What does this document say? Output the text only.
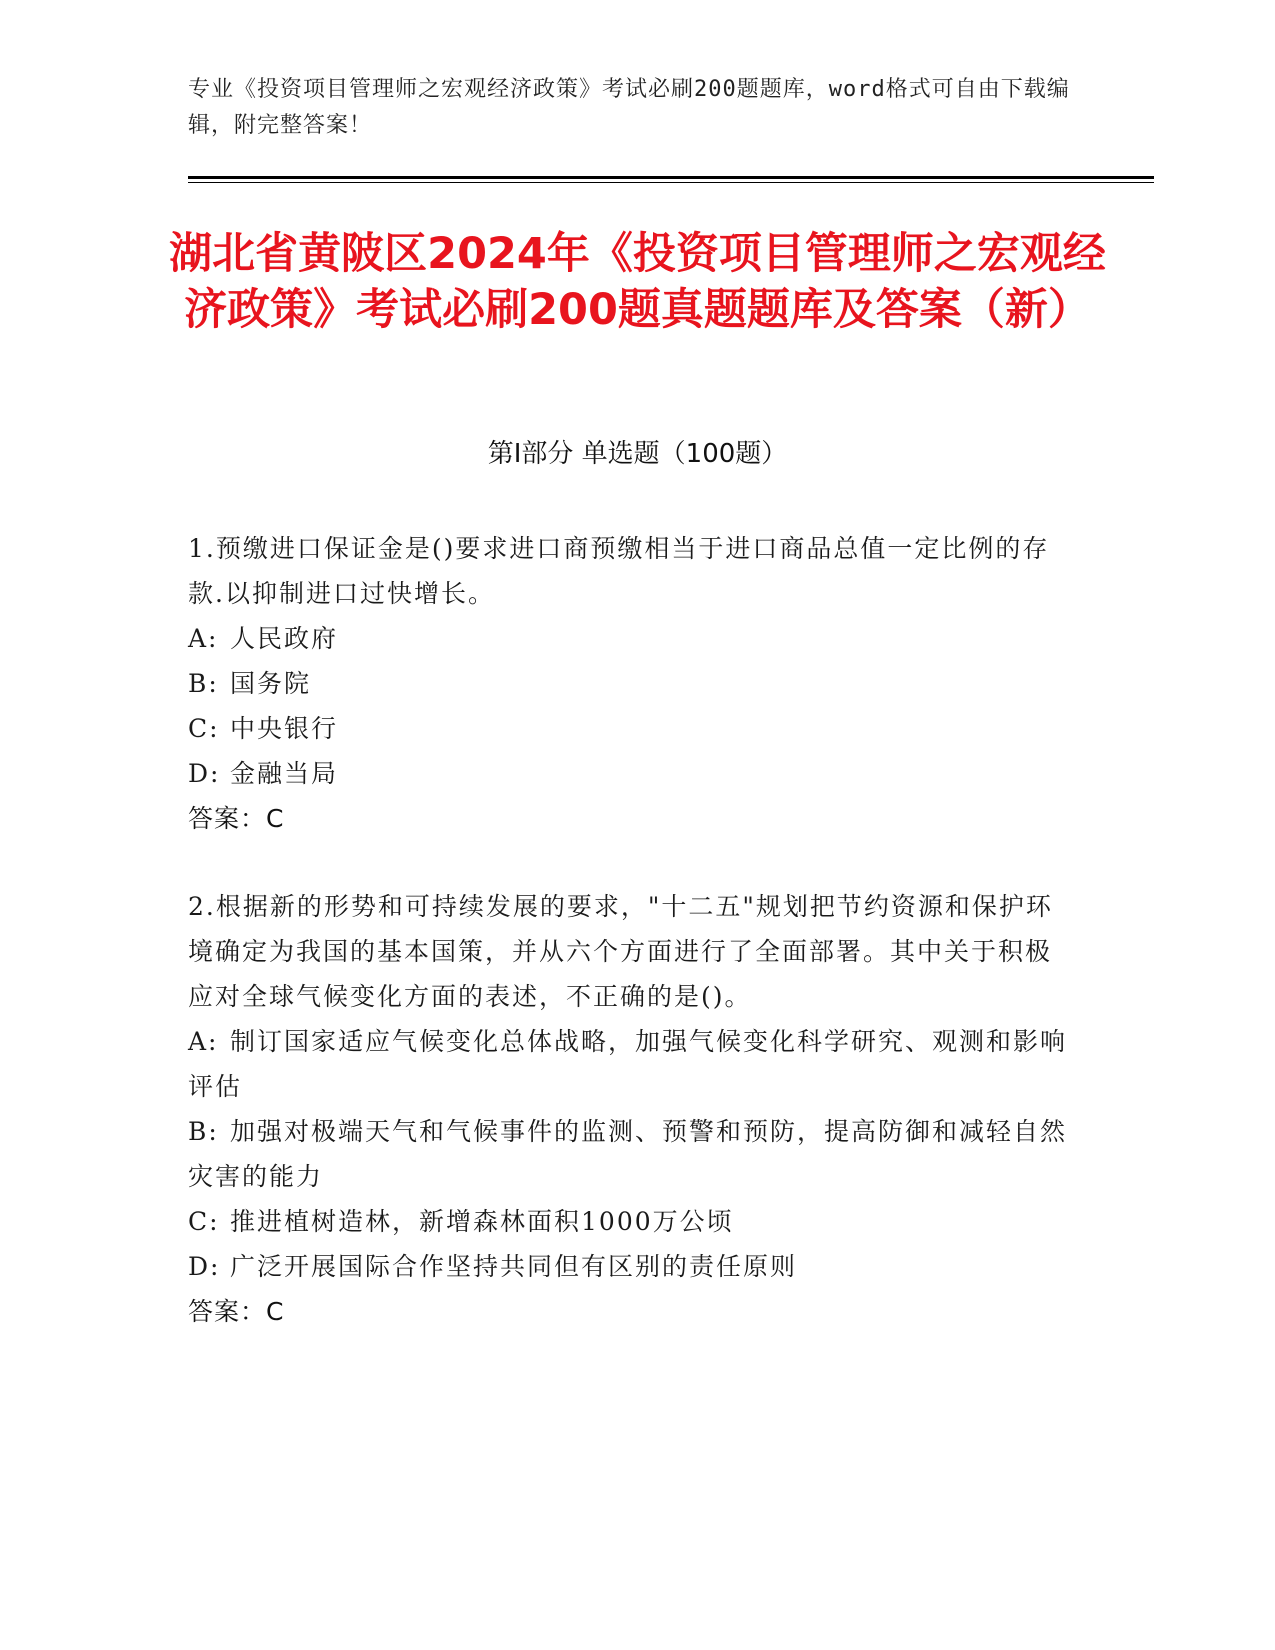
专业《投资项目管理师之宏观经济政策》考试必刷200题题库，word格式可自由下载编辑，附完整答案！
湖北省黄陂区2024年《投资项目管理师之宏观经济政策》考试必刷200题真题题库及答案（新）
第I部分 单选题（100题）
1.预缴进口保证金是()要求进口商预缴相当于进口商品总值一定比例的存款.以抑制进口过快增长。
A: 人民政府
B: 国务院
C: 中央银行
D: 金融当局
答案：C
2.根据新的形势和可持续发展的要求，"十二五"规划把节约资源和保护环境确定为我国的基本国策，并从六个方面进行了全面部署。其中关于积极应对全球气候变化方面的表述，不正确的是()。
A: 制订国家适应气候变化总体战略，加强气候变化科学研究、观测和影响评估
B: 加强对极端天气和气候事件的监测、预警和预防，提高防御和减轻自然灾害的能力
C: 推进植树造林，新增森林面积1000万公顷
D: 广泛开展国际合作坚持共同但有区别的责任原则
答案：C
